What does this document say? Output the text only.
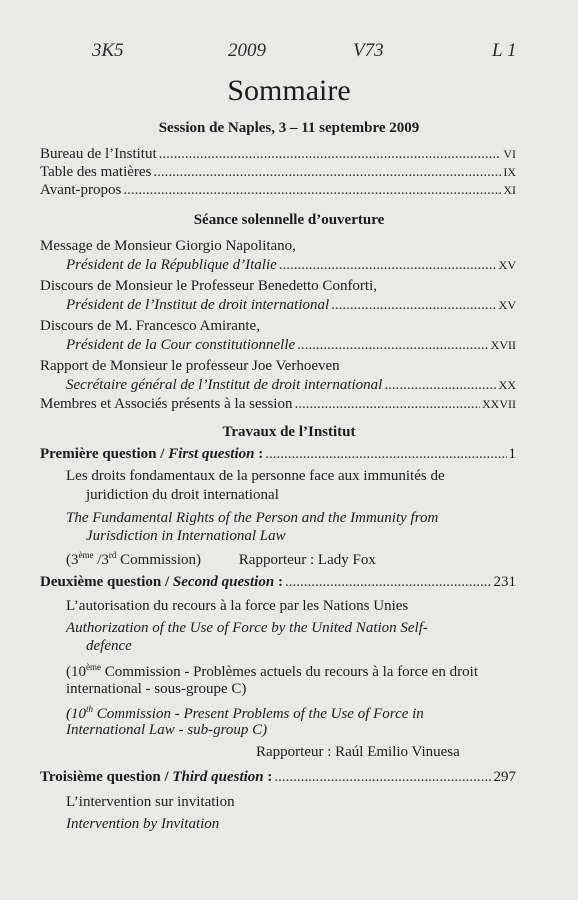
3K5	2009	V73	L 1
Sommaire
Session de Naples, 3 – 11 septembre 2009
Bureau de l’Institut .....	VI
Table des matières .....	IX
Avant-propos .....	XI
Séance solennelle d’ouverture
Message de Monsieur Giorgio Napolitano,
Président de la République d’Italie .....	XV
Discours de Monsieur le Professeur Benedetto Conforti,
Président de l’Institut de droit international .....	XV
Discours de M. Francesco Amirante,
Président de la Cour constitutionnelle .....	XVII
Rapport de Monsieur le professeur Joe Verhoeven
Secrétaire général de l’Institut de droit international .....	XX
Membres et Associés présents à la session .....	XXVII
Travaux de l’Institut
Première question / First question : .....	1
Les droits fondamentaux de la personne face aux immunités de
juridiction du droit international
The Fundamental Rights of the Person and the Immunity from
Jurisdiction in International Law
(3ème /3rd Commission)	Rapporteur : Lady Fox
Deuxième question / Second question : .....	231
L’autorisation du recours à la force par les Nations Unies
Authorization of the Use of Force by the United Nation Self-
defence
(10ème Commission - Problèmes actuels du recours à la force en droit
international - sous-groupe C)
(10th Commission - Present Problems of the Use of Force in
International Law - sub-group C)
Rapporteur : Raúl Emilio Vinuesa
Troisième question / Third question : .....	297
L’intervention sur invitation
Intervention by Invitation
